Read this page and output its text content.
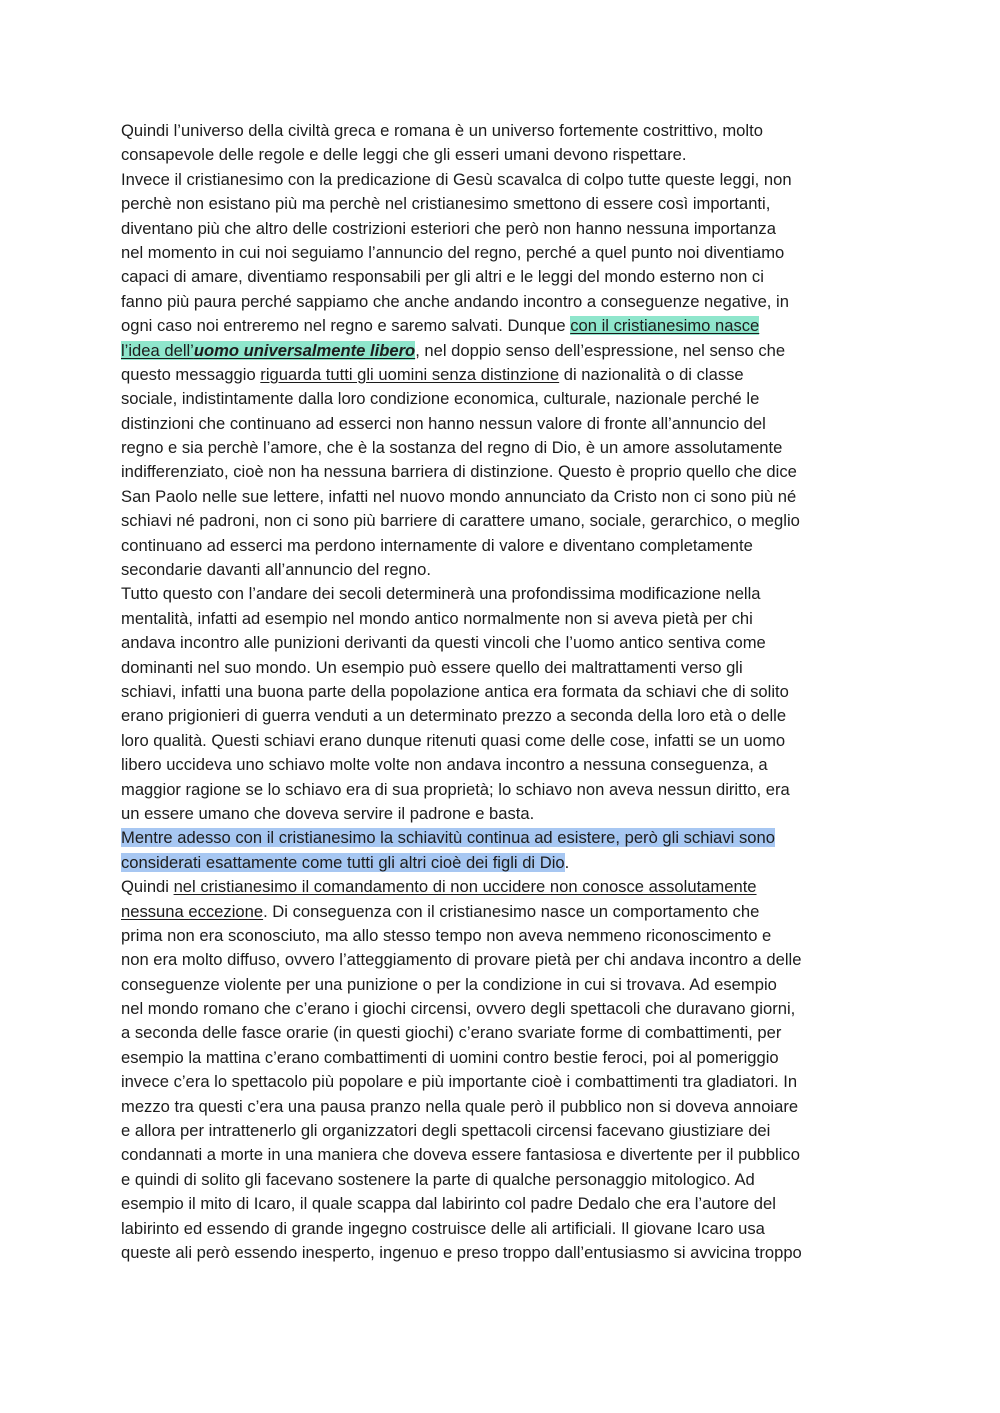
Quindi l’universo della civiltà greca e romana è un universo fortemente costrittivo, molto
consapevole delle regole e delle leggi che gli esseri umani devono rispettare.
Invece il cristianesimo con la predicazione di Gesù scavalca di colpo tutte queste leggi, non
perchè non esistano più ma perchè nel cristianesimo smettono di essere così importanti,
diventano più che altro delle costrizioni esteriori che però non hanno nessuna importanza
nel momento in cui noi seguiamo l’annuncio del regno, perché a quel punto noi diventiamo
capaci di amare, diventiamo responsabili per gli altri e le leggi del mondo esterno non ci
fanno più paura perché sappiamo che anche andando incontro a conseguenze negative, in
ogni caso noi entreremo nel regno e saremo salvati. Dunque con il cristianesimo nasce
l’idea dell’uomo universalmente libero, nel doppio senso dell’espressione, nel senso che
questo messaggio riguarda tutti gli uomini senza distinzione di nazionalità o di classe
sociale, indistintamente dalla loro condizione economica, culturale, nazionale perché le
distinzioni che continuano ad esserci non hanno nessun valore di fronte all’annuncio del
regno e sia perchè l’amore, che è la sostanza del regno di Dio, è un amore assolutamente
indifferenziato, cioè non ha nessuna barriera di distinzione. Questo è proprio quello che dice
San Paolo nelle sue lettere, infatti nel nuovo mondo annunciato da Cristo non ci sono più né
schiavi né padroni, non ci sono più barriere di carattere umano, sociale, gerarchico, o meglio
continuano ad esserci ma perdono internamente di valore e diventano completamente
secondarie davanti all’annuncio del regno.
Tutto questo con l’andare dei secoli determinerà una profondissima modificazione nella
mentalità, infatti ad esempio nel mondo antico normalmente non si aveva pietà per chi
andava incontro alle punizioni derivanti da questi vincoli che l’uomo antico sentiva come
dominanti nel suo mondo. Un esempio può essere quello dei maltrattamenti verso gli
schiavi, infatti una buona parte della popolazione antica era formata da schiavi che di solito
erano prigionieri di guerra venduti a un determinato prezzo a seconda della loro età o delle
loro qualità. Questi schiavi erano dunque ritenuti quasi come delle cose, infatti se un uomo
libero uccideva uno schiavo molte volte non andava incontro a nessuna conseguenza, a
maggior ragione se lo schiavo era di sua proprietà; lo schiavo non aveva nessun diritto, era
un essere umano che doveva servire il padrone e basta.
Mentre adesso con il cristianesimo la schiavitù continua ad esistere, però gli schiavi sono
considerati esattamente come tutti gli altri cioè dei figli di Dio.
Quindi nel cristianesimo il comandamento di non uccidere non conosce assolutamente
nessuna eccezione. Di conseguenza con il cristianesimo nasce un comportamento che
prima non era sconosciuto, ma allo stesso tempo non aveva nemmeno riconoscimento e
non era molto diffuso, ovvero l’atteggiamento di provare pietà per chi andava incontro a delle
conseguenze violente per una punizione o per la condizione in cui si trovava. Ad esempio
nel mondo romano che c’erano i giochi circensi, ovvero degli spettacoli che duravano giorni,
a seconda delle fasce orarie (in questi giochi) c’erano svariate forme di combattimenti, per
esempio la mattina c’erano combattimenti di uomini contro bestie feroci, poi al pomeriggio
invece c’era lo spettacolo più popolare e più importante cioè i combattimenti tra gladiatori. In
mezzo tra questi c’era una pausa pranzo nella quale però il pubblico non si doveva annoiare
e allora per intrattenerlo gli organizzatori degli spettacoli circensi facevano giustiziare dei
condannati a morte in una maniera che doveva essere fantasiosa e divertente per il pubblico
e quindi di solito gli facevano sostenere la parte di qualche personaggio mitologico. Ad
esempio il mito di Icaro, il quale scappa dal labirinto col padre Dedalo che era l’autore del
labirinto ed essendo di grande ingegno costruisce delle ali artificiali. Il giovane Icaro usa
queste ali però essendo inesperto, ingenuo e preso troppo dall’entusiasmo si avvicina troppo
